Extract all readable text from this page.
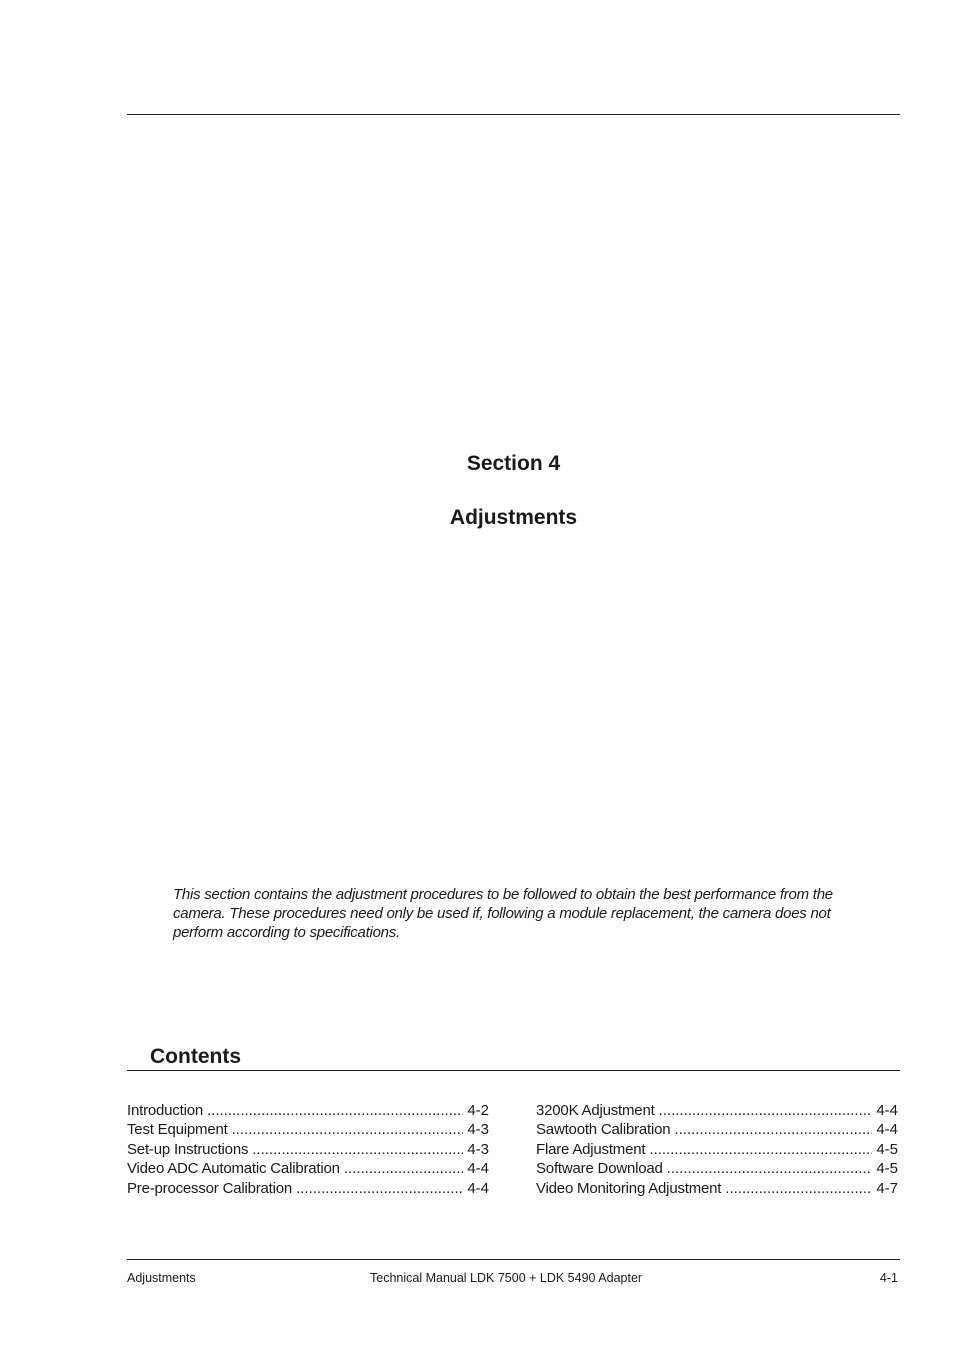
Section 4
Adjustments
This section contains the adjustment procedures to be followed to obtain the best performance from the camera. These procedures need only be used if, following a module replacement, the camera does not perform according to specifications.
Contents
Introduction .....	4-2
Test Equipment .....	4-3
Set-up Instructions .....	4-3
Video ADC Automatic Calibration .....	4-4
Pre-processor Calibration .....	4-4
3200K Adjustment .....	4-4
Sawtooth Calibration .....	4-4
Flare Adjustment .....	4-5
Software Download .....	4-5
Video Monitoring Adjustment .....	4-7
Adjustments	Technical Manual LDK 7500 + LDK 5490 Adapter	4-1
